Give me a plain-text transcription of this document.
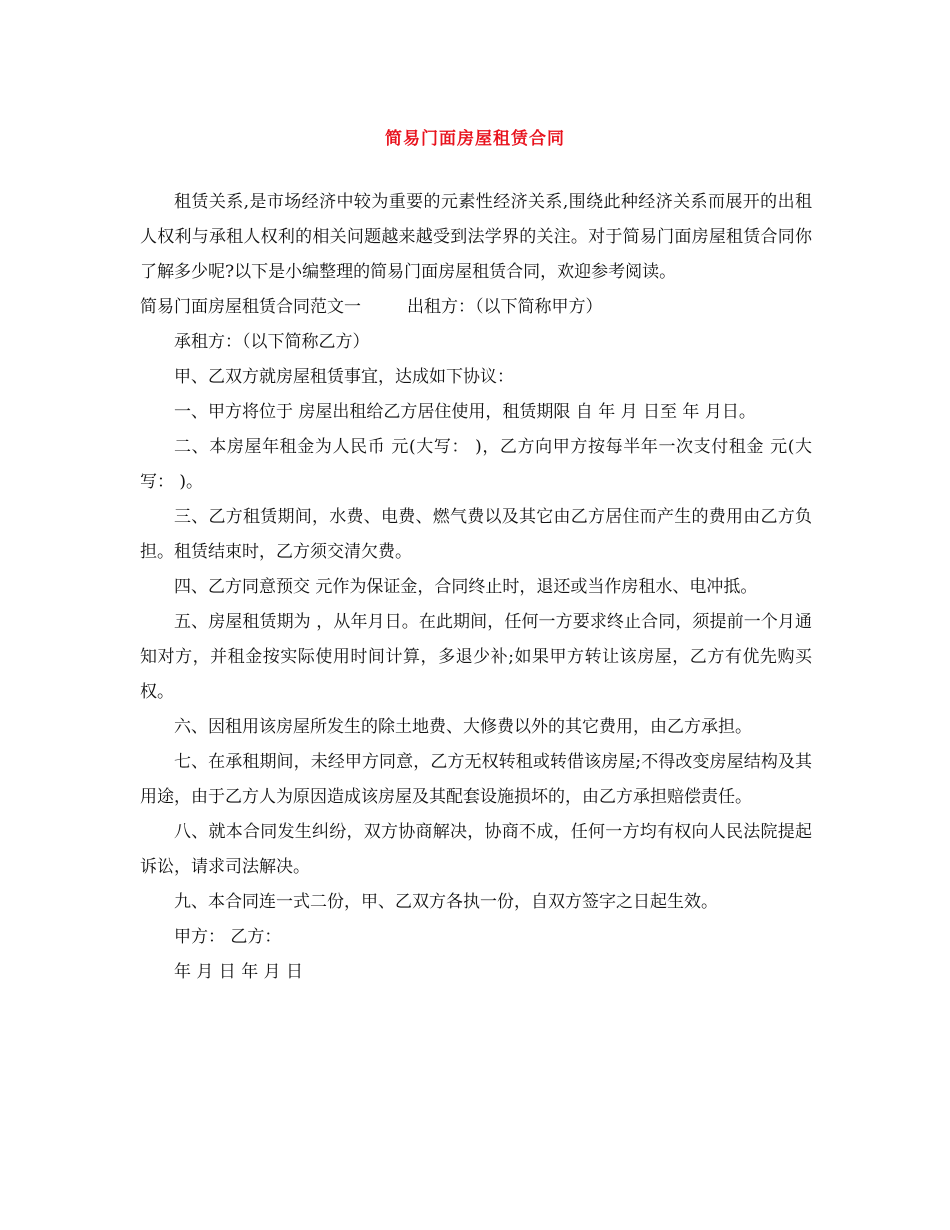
简易门面房屋租赁合同

租赁关系,是市场经济中较为重要的元素性经济关系,围绕此种经济关系而展开的出租人权利与承租人权利的相关问题越来越受到法学界的关注。对于简易门面房屋租赁合同你了解多少呢?以下是小编整理的简易门面房屋租赁合同，欢迎参考阅读。

简易门面房屋租赁合同范文一	出租方：（以下简称甲方）

承租方：（以下简称乙方）

甲、乙双方就房屋租赁事宜，达成如下协议：

一、甲方将位于 房屋出租给乙方居住使用，租赁期限 自 年 月 日至 年 月日。

二、本房屋年租金为人民币 元(大写： )，乙方向甲方按每半年一次支付租金 元(大写： )。

三、乙方租赁期间，水费、电费、燃气费以及其它由乙方居住而产生的费用由乙方负担。租赁结束时，乙方须交清欠费。

四、乙方同意预交 元作为保证金，合同终止时，退还或当作房租水、电冲抵。

五、房屋租赁期为 ，从年月日。在此期间，任何一方要求终止合同，须提前一个月通知对方，并租金按实际使用时间计算，多退少补;如果甲方转让该房屋，乙方有优先购买权。

六、因租用该房屋所发生的除土地费、大修费以外的其它费用，由乙方承担。

七、在承租期间，未经甲方同意，乙方无权转租或转借该房屋;不得改变房屋结构及其用途，由于乙方人为原因造成该房屋及其配套设施损坏的，由乙方承担赔偿责任。

八、就本合同发生纠纷，双方协商解决，协商不成，任何一方均有权向人民法院提起诉讼，请求司法解决。

九、本合同连一式二份，甲、乙双方各执一份，自双方签字之日起生效。

甲方： 乙方：

年 月 日 年 月 日
